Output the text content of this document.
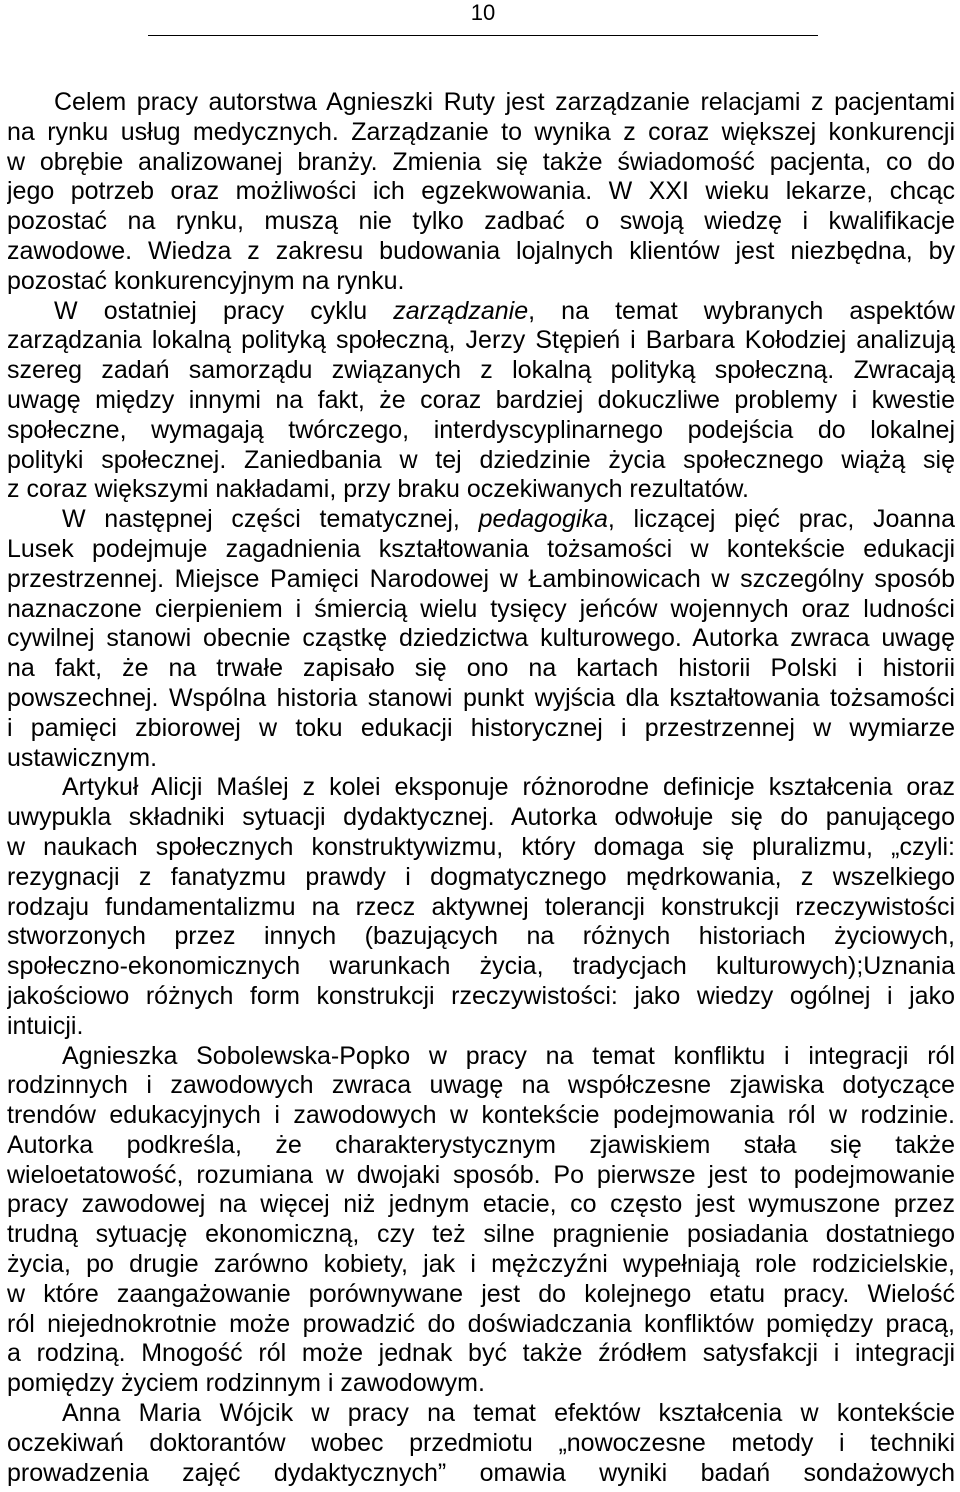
10
Celem pracy autorstwa Agnieszki Ruty jest zarządzanie relacjami z pacjentami
na rynku usług medycznych. Zarządzanie to wynika z coraz większej konkurencji
w obrębie analizowanej branży. Zmienia się także świadomość pacjenta, co do
jego potrzeb oraz możliwości ich egzekwowania. W XXI wieku lekarze, chcąc
pozostać na rynku, muszą nie tylko zadbać o swoją wiedzę i kwalifikacje
zawodowe. Wiedza z zakresu budowania lojalnych klientów jest niezbędna, by
pozostać konkurencyjnym na rynku.
W ostatniej pracy cyklu zarządzanie, na temat wybranych aspektów
zarządzania lokalną polityką społeczną, Jerzy Stępień i Barbara Kołodziej analizują
szereg zadań samorządu związanych z lokalną polityką społeczną. Zwracają
uwagę między innymi na fakt, że coraz bardziej dokuczliwe problemy i kwestie
społeczne, wymagają twórczego, interdyscyplinarnego podejścia do lokalnej
polityki społecznej. Zaniedbania w tej dziedzinie życia społecznego wiążą się
z coraz większymi nakładami, przy braku oczekiwanych rezultatów.
W następnej części tematycznej, pedagogika, liczącej pięć prac, Joanna
Lusek podejmuje zagadnienia kształtowania tożsamości w kontekście edukacji
przestrzennej. Miejsce Pamięci Narodowej w Łambinowicach w szczególny sposób
naznaczone cierpieniem i śmiercią wielu tysięcy jeńców wojennych oraz ludności
cywilnej stanowi obecnie cząstkę dziedzictwa kulturowego. Autorka zwraca uwagę
na fakt, że na trwałe zapisało się ono na kartach historii Polski i historii
powszechnej. Wspólna historia stanowi punkt wyjścia dla kształtowania tożsamości
i pamięci zbiorowej w toku edukacji historycznej i przestrzennej w wymiarze
ustawicznym.
Artykuł Alicji Maślej z kolei eksponuje różnorodne definicje kształcenia oraz
uwypukla składniki sytuacji dydaktycznej. Autorka odwołuje się do panującego
w naukach społecznych konstruktywizmu, który domaga się pluralizmu, „czyli:
rezygnacji z fanatyzmu prawdy i dogmatycznego mędrkowania, z wszelkiego
rodzaju fundamentalizmu na rzecz aktywnej tolerancji konstrukcji rzeczywistości
stworzonych przez innych (bazujących na różnych historiach życiowych,
społeczno-ekonomicznych warunkach życia, tradycjach kulturowych);Uznania
jakościowo różnych form konstrukcji rzeczywistości: jako wiedzy ogólnej i jako
intuicji.
Agnieszka Sobolewska-Popko w pracy na temat konfliktu i integracji ról
rodzinnych i zawodowych zwraca uwagę na współczesne zjawiska dotyczące
trendów edukacyjnych i zawodowych w kontekście podejmowania ról w rodzinie.
Autorka podkreśla, że charakterystycznym zjawiskiem stała się także
wieloetatowość, rozumiana w dwojaki sposób. Po pierwsze jest to podejmowanie
pracy zawodowej na więcej niż jednym etacie, co często jest wymuszone przez
trudną sytuację ekonomiczną, czy też silne pragnienie posiadania dostatniego
życia, po drugie zarówno kobiety, jak i mężczyźni wypełniają role rodzicielskie,
w które zaangażowanie porównywane jest do kolejnego etatu pracy. Wielość
ról niejednokrotnie może prowadzić do doświadczania konfliktów pomiędzy pracą,
a rodziną. Mnogość ról może jednak być także źródłem satysfakcji i integracji
pomiędzy życiem rodzinnym i zawodowym.
Anna Maria Wójcik w pracy na temat efektów kształcenia w kontekście
oczekiwań doktorantów wobec przedmiotu „nowoczesne metody i techniki
prowadzenia zajęć dydaktycznych” omawia wyniki badań sondażowych
